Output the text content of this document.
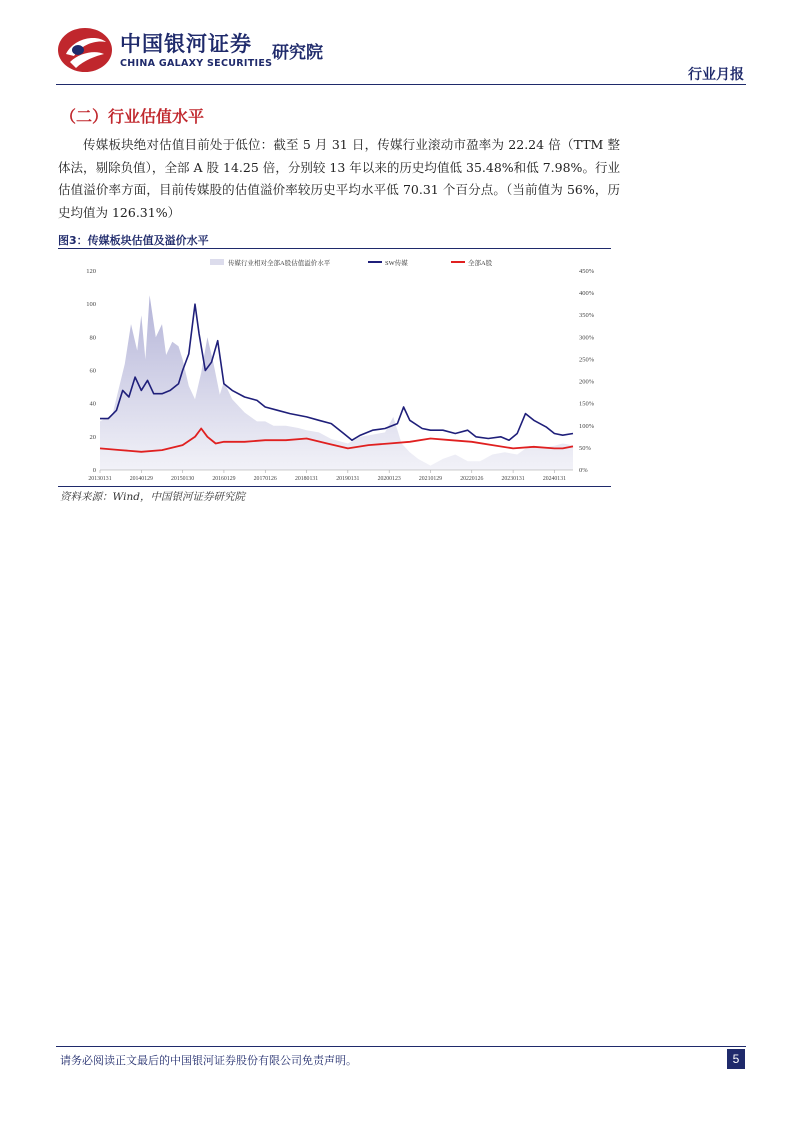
中国银河证券
CHINA GALAXY SECURITIES
研究院
行业月报
（二）行业估值水平
传媒板块绝对估值目前处于低位：截至 5 月 31 日，传媒行业滚动市盈率为 22.24 倍（TTM 整体法，剔除负值），全部 A 股 14.25 倍，分别较 13 年以来的历史均值低 35.48%和低 7.98%。行业估值溢价率方面，目前传媒股的估值溢价率较历史平均水平低 70.31 个百分点。（当前值为 56%，历史均值为 126.31%）
图3：传媒板块估值及溢价水平
传媒行业相对全部A股估值溢价水平	SW传媒	全部A股
0
20
40
60
80
100
120
0%
50%
100%
150%
200%
250%
300%
350%
400%
450%
20130131	20140129	20150130	20160129	20170126	20180131	20190131	20200123	20210129	20220126	20230131	20240131
资料来源：Wind，中国银河证券研究院
请务必阅读正文最后的中国银河证券股份有限公司免责声明。	5
